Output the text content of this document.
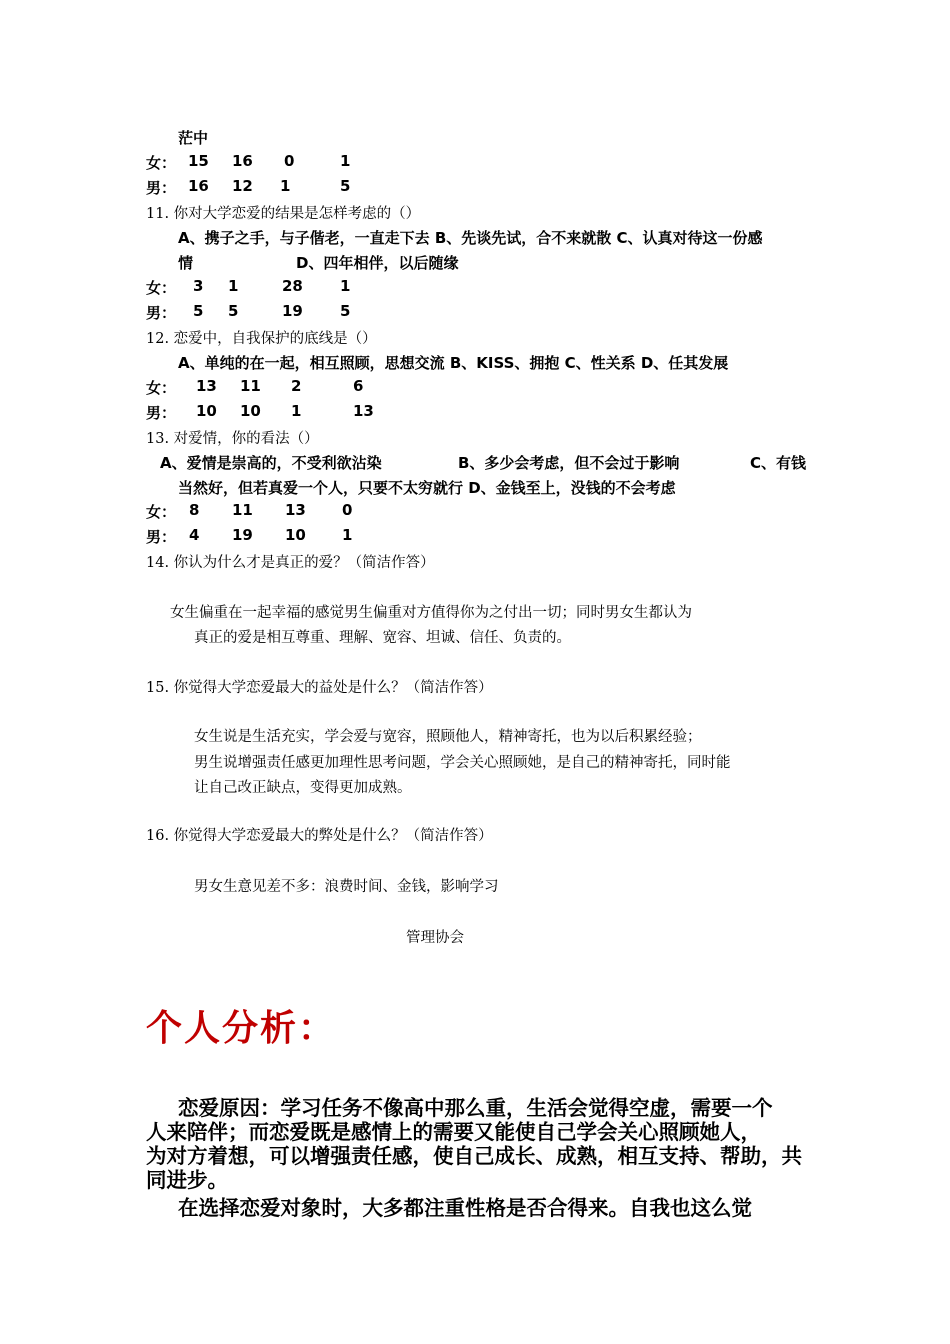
茫中
女： 15 16 0	1
男： 16 12 1	5
11. 你对大学恋爱的结果是怎样考虑的（）
A、携子之手，与子偕老，一直走下去 B、先谈先试，合不来就散 C、认真对待这一份感
情	D、四年相伴，以后随缘
女： 3 1	28 1
男： 5 5	19 5
12. 恋爱中，自我保护的底线是（）
A、单纯的在一起，相互照顾，思想交流 B、KISS、拥抱 C、性关系 D、任其发展
女： 13 11 2	6
男： 10 10 1	13
13. 对爱情，你的看法（）
A、爱情是崇高的，不受利欲沾染	B、多少会考虑，但不会过于影响	C、有钱
当然好，但若真爱一个人，只要不太穷就行 D、金钱至上，没钱的不会考虑
女： 8 11 13 0
男： 4 19 10 1
14. 你认为什么才是真正的爱？（简洁作答）
女生偏重在一起幸福的感觉男生偏重对方值得你为之付出一切；同时男女生都认为
真正的爱是相互尊重、理解、宽容、坦诚、信任、负责的。
15. 你觉得大学恋爱最大的益处是什么？（简洁作答）
女生说是生活充实，学会爱与宽容，照顾他人，精神寄托，也为以后积累经验；
男生说增强责任感更加理性思考问题，学会关心照顾她，是自己的精神寄托，同时能
让自己改正缺点，变得更加成熟。
16. 你觉得大学恋爱最大的弊处是什么？（简洁作答）
男女生意见差不多：浪费时间、金钱，影响学习
管理协会
个人分析：
恋爱原因：学习任务不像高中那么重，生活会觉得空虚，需要一个
人来陪伴；而恋爱既是感情上的需要又能使自己学会关心照顾她人，
为对方着想，可以增强责任感，使自己成长、成熟，相互支持、帮助，共
同进步。
在选择恋爱对象时，大多都注重性格是否合得来。自我也这么觉
